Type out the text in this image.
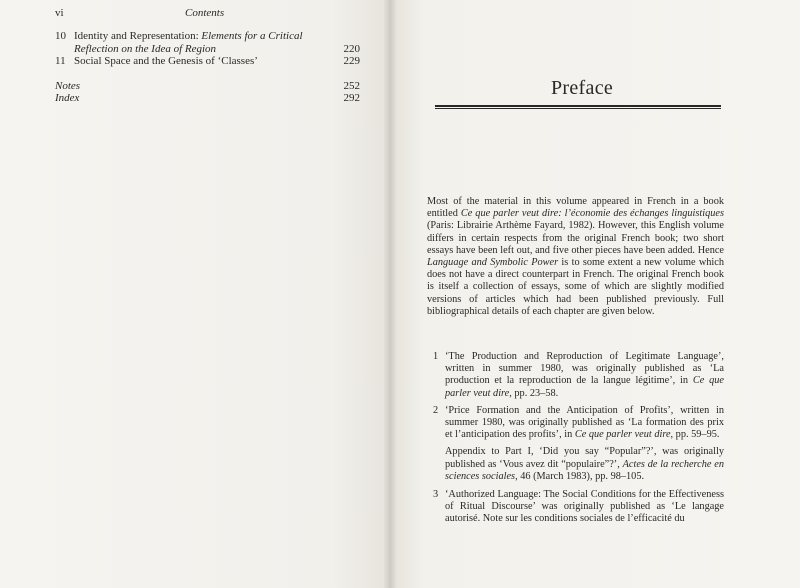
vi	Contents
10 Identity and Representation: Elements for a Critical Reflection on the Idea of Region	220
11 Social Space and the Genesis of ‘Classes’	229
Notes	252
Index	292	Preface
Most of the material in this volume appeared in French in a book entitled Ce que parler veut dire: l’économie des échanges linguistiques (Paris: Librairie Arthème Fayard, 1982). However, this English volume differs in certain respects from the original French book; two short essays have been left out, and five other pieces have been added. Hence Language and Symbolic Power is to some extent a new volume which does not have a direct counterpart in French. The original French book is itself a collection of essays, some of which are slightly modified versions of articles which had been published previously. Full bibliographical details of each chapter are given below.
1 ‘The Production and Reproduction of Legitimate Language’, written in summer 1980, was originally published as ‘La production et la reproduction de la langue légitime’, in Ce que parler veut dire, pp. 23–58.
2 ‘Price Formation and the Anticipation of Profits’, written in summer 1980, was originally published as ‘La formation des prix et l’anticipation des profits’, in Ce que parler veut dire, pp. 59–95.
Appendix to Part I, ‘Did you say “Popular”?’, was originally published as ‘Vous avez dit “populaire”?’, Actes de la recherche en sciences sociales, 46 (March 1983), pp. 98–105.
3 ‘Authorized Language: The Social Conditions for the Effectiveness of Ritual Discourse’ was originally published as ‘Le langage autorisé. Note sur les conditions sociales de l’efficacité du
